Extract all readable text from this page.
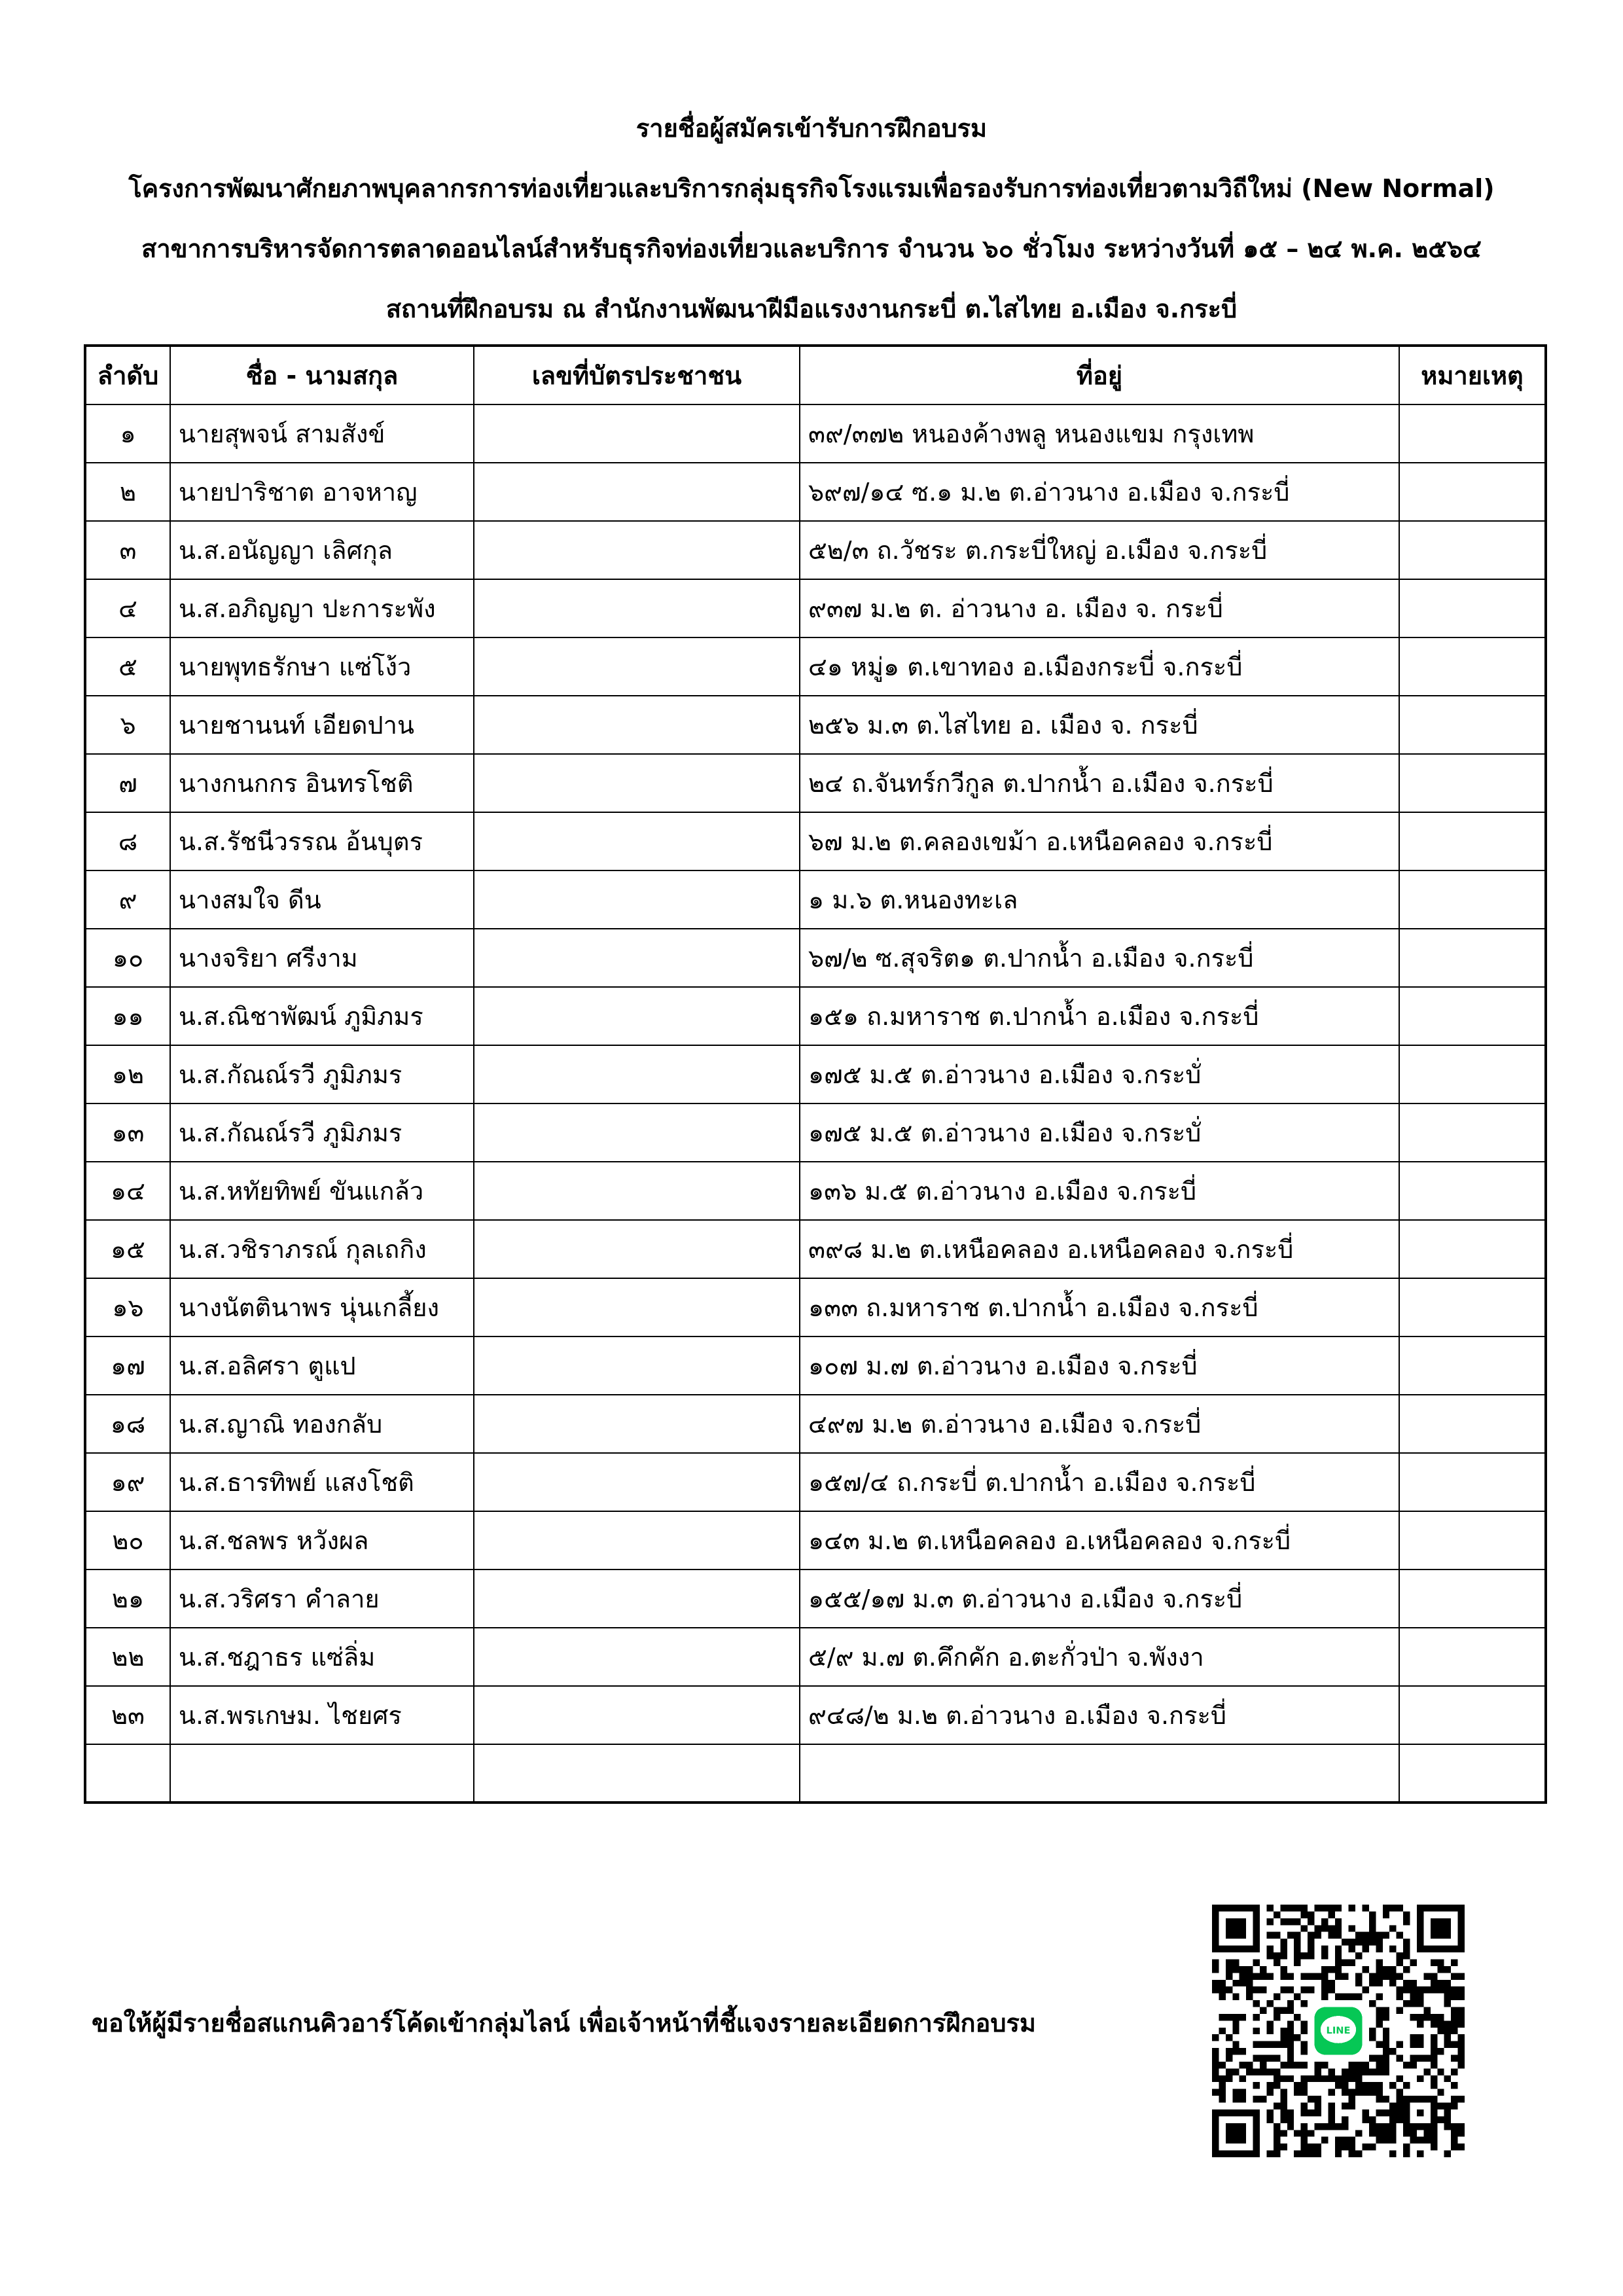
รายชื่อผู้สมัครเข้ารับการฝึกอบรม
โครงการพัฒนาศักยภาพบุคลากรการท่องเที่ยวและบริการกลุ่มธุรกิจโรงแรมเพื่อรองรับการท่องเที่ยวตามวิถีใหม่ (New Normal)
สาขาการบริหารจัดการตลาดออนไลน์สำหรับธุรกิจท่องเที่ยวและบริการ จำนวน ๖๐ ชั่วโมง ระหว่างวันที่ ๑๕ – ๒๔ พ.ค. ๒๕๖๔
สถานที่ฝึกอบรม ณ สำนักงานพัฒนาฝีมือแรงงานกระบี่ ต.ไสไทย อ.เมือง จ.กระบี่
ลำดับ	ชื่อ - นามสกุล	เลขที่บัตรประชาชน	ที่อยู่	หมายเหตุ
๑	นายสุพจน์ สามสังข์		๓๙/๓๗๒ หนองค้างพลู หนองแขม กรุงเทพ	
๒	นายปาริชาต อาจหาญ		๖๙๗/๑๔ ซ.๑ ม.๒ ต.อ่าวนาง อ.เมือง จ.กระบี่	
๓	น.ส.อนัญญา เลิศกุล		๕๒/๓ ถ.วัชระ ต.กระบี่ใหญ่ อ.เมือง จ.กระบี่	
๔	น.ส.อภิญญา ปะการะพัง		๙๓๗ ม.๒ ต. อ่าวนาง อ. เมือง จ. กระบี่	
๕	นายพุทธรักษา แซ่โง้ว		๔๑ หมู่๑ ต.เขาทอง อ.เมืองกระบี่ จ.กระบี่	
๖	นายชานนท์ เอียดปาน		๒๕๖ ม.๓ ต.ไสไทย อ. เมือง จ. กระบี่	
๗	นางกนกกร อินทรโชติ		๒๔ ถ.จันทร์กวีกูล ต.ปากน้ำ อ.เมือง จ.กระบี่	
๘	น.ส.รัชนีวรรณ อ้นบุตร		๖๗ ม.๒ ต.คลองเขม้า อ.เหนือคลอง จ.กระบี่	
๙	นางสมใจ ดีน		๑ ม.๖ ต.หนองทะเล	
๑๐	นางจริยา ศรีงาม		๖๗/๒ ซ.สุจริต๑ ต.ปากน้ำ อ.เมือง จ.กระบี่	
๑๑	น.ส.ณิชาพัฒน์ ภูมิภมร		๑๕๑ ถ.มหาราช ต.ปากน้ำ อ.เมือง จ.กระบี่	
๑๒	น.ส.กัณณ์รวี ภูมิภมร		๑๗๕ ม.๕ ต.อ่าวนาง อ.เมือง จ.กระบั่	
๑๓	น.ส.กัณณ์รวี ภูมิภมร		๑๗๕ ม.๕ ต.อ่าวนาง อ.เมือง จ.กระบั่	
๑๔	น.ส.หทัยทิพย์ ขันแกล้ว		๑๓๖ ม.๕ ต.อ่าวนาง อ.เมือง จ.กระบี่	
๑๕	น.ส.วชิราภรณ์ กุลเถกิง		๓๙๘ ม.๒ ต.เหนือคลอง อ.เหนือคลอง จ.กระบี่	
๑๖	นางนัตตินาพร นุ่นเกลี้ยง		๑๓๓ ถ.มหาราช ต.ปากน้ำ อ.เมือง จ.กระบี่	
๑๗	น.ส.อลิศรา ตูแป		๑๐๗ ม.๗ ต.อ่าวนาง อ.เมือง จ.กระบี่	
๑๘	น.ส.ญาณิ ทองกลับ		๔๙๗ ม.๒ ต.อ่าวนาง อ.เมือง จ.กระบี่	
๑๙	น.ส.ธารทิพย์ แสงโชติ		๑๕๗/๔ ถ.กระบี่ ต.ปากน้ำ อ.เมือง จ.กระบี่	
๒๐	น.ส.ชลพร หวังผล		๑๔๓ ม.๒ ต.เหนือคลอง อ.เหนือคลอง จ.กระบี่	
๒๑	น.ส.วริศรา คำลาย		๑๕๕/๑๗ ม.๓ ต.อ่าวนาง อ.เมือง จ.กระบี่	
๒๒	น.ส.ชฎาธร แซ่ลิ่ม		๕/๙ ม.๗ ต.คึกคัก อ.ตะกั่วป่า จ.พังงา	
๒๓	น.ส.พรเกษม. ไชยศร		๙๔๘/๒ ม.๒ ต.อ่าวนาง อ.เมือง จ.กระบี่	

ขอให้ผู้มีรายชื่อสแกนคิวอาร์โค้ดเข้ากลุ่มไลน์ เพื่อเจ้าหน้าที่ชี้แจงรายละเอียดการฝึกอบรม	LINE
